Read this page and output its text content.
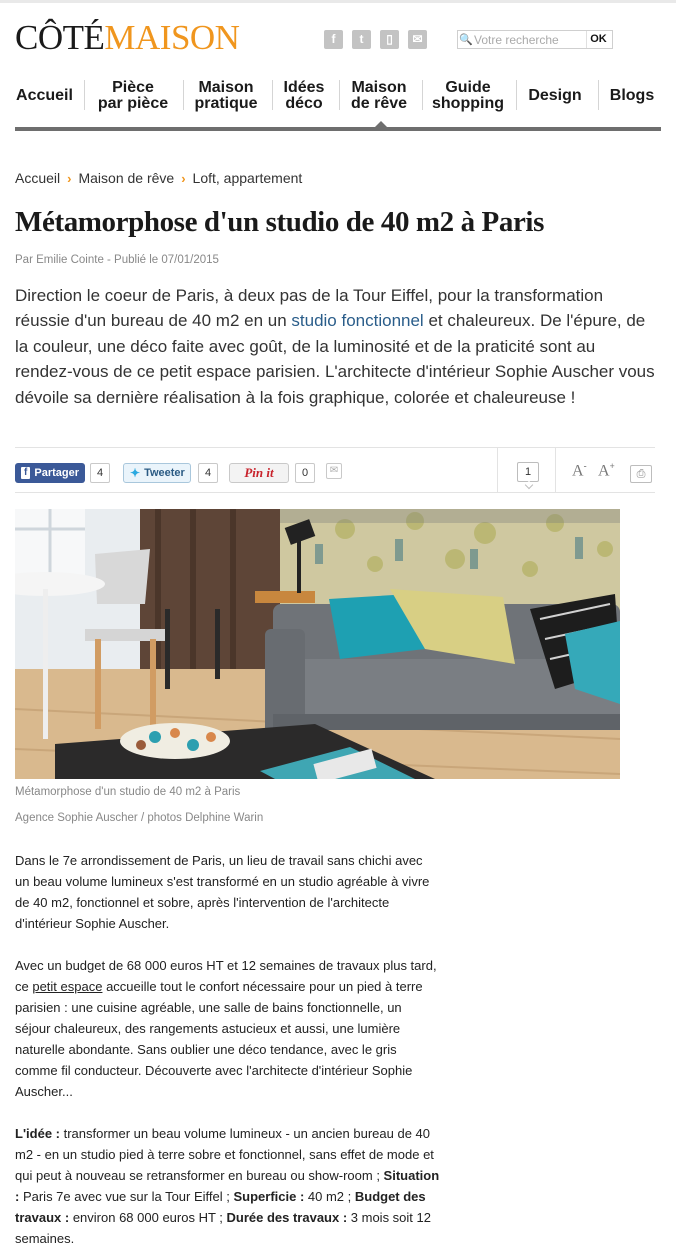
CÔTÉMAISON	f	t	▯	✉	🔍
Votre recherche	OK
Accueil Pièce
par pièce
Maison
pratique
Idées
déco
Maison
de rêve
Guide
shopping Design Blogs
Accueil › Maison de rêve › Loft, appartement
Métamorphose d'un studio de 40 m2 à Paris
Par Emilie Cointe - Publié le 07/01/2015
Direction le coeur de Paris, à deux pas de la Tour Eiffel, pour la transformation réussie d'un bureau de 40 m2 en un studio fonctionnel et chaleureux. De l'épure, de la couleur, une déco faite avec goût, de la luminosité et de la praticité sont au rendez-vous de ce petit espace parisien. L'architecte d'intérieur Sophie Auscher vous dévoile sa dernière réalisation à la fois graphique, colorée et chaleureuse !
f Partager	4	✦ Tweeter	4	Pin it	0	✉	1	A- A+
⎙
Métamorphose d'un studio de 40 m2 à Paris
Agence Sophie Auscher / photos Delphine Warin
Dans le 7e arrondissement de Paris, un lieu de travail sans chichi avec un beau volume lumineux s'est transformé en un studio agréable à vivre de 40 m2, fonctionnel et sobre, après l'intervention de l'architecte d'intérieur Sophie Auscher.
Avec un budget de 68 000 euros HT et 12 semaines de travaux plus tard, ce petit espace accueille tout le confort nécessaire pour un pied à terre parisien : une cuisine agréable, une salle de bains fonctionnelle, un séjour chaleureux, des rangements astucieux et aussi, une lumière naturelle abondante. Sans oublier une déco tendance, avec le gris comme fil conducteur. Découverte avec l'architecte d'intérieur Sophie Auscher...
L'idée : transformer un beau volume lumineux - un ancien bureau de 40 m2 - en un studio pied à terre sobre et fonctionnel, sans effet de mode et qui peut à nouveau se retransformer en bureau ou show-room ; Situation : Paris 7e avec vue sur la Tour Eiffel ; Superficie : 40 m2 ; Budget des travaux : environ 68 000 euros HT ; Durée des travaux : 3 mois soit 12 semaines.
